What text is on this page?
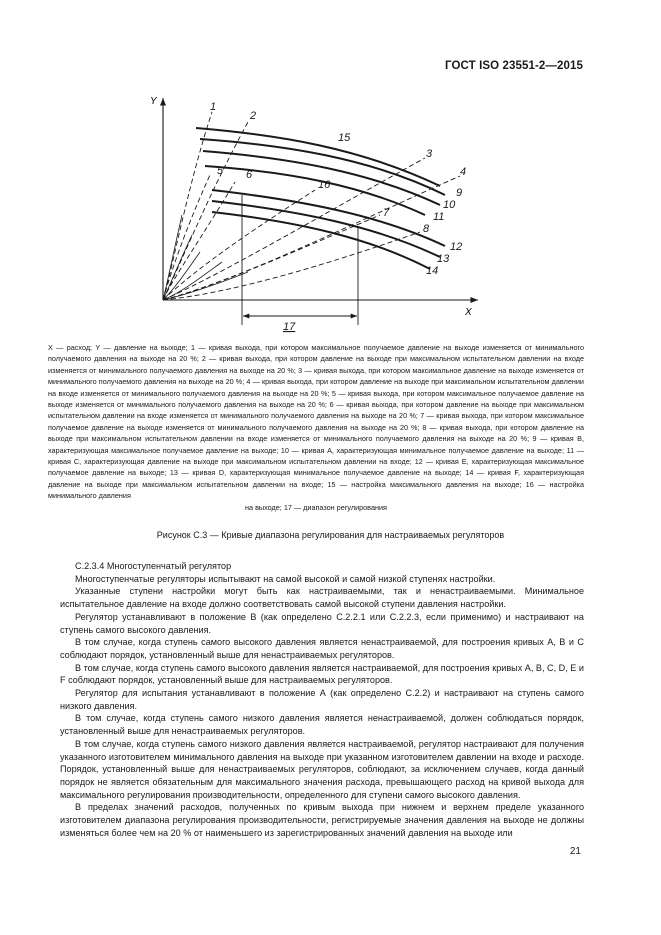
ГОСТ ISO 23551-2—2015
Y
X
1
2
15
3
4
9
10
11
5 6
16
7
8
12
13
14
17
X — расход; Y — давление на выходе; 1 — кривая выхода, при котором максимальное получаемое давление на выходе изменяется от минимального получаемого давления на выходе на 20 %; 2 — кривая выхода, при котором давление на выходе при максимальном испытательном давлении на входе изменяется от минимального получаемого давления на выходе на 20 %; 3 — кривая выхода, при котором максимальное давление на выходе изменяется от минимального получаемого давления на выходе на 20 %; 4 — кривая выхода, при котором давление на выходе при максимальном испытательном давлении на входе изменяется от минимального получаемого давления на выходе на 20 %; 5 — кривая выхода, при котором максимальное получаемое давление на выходе изменяется от минимального получаемого давления на выходе на 20 %; 6 — кривая выхода, при котором давление на выходе при максимальном испытательном давлении на входе изменяется от минимального получаемого давления на выходе на 20 %; 7 — кривая выхода, при котором максимальное получаемое давление на выходе изменяется от минимального получаемого давления на выходе на 20 %; 8 — кривая выхода, при котором давление на выходе при максимальном испытательном давлении на входе изменяется от минимального получаемого давления на выходе на 20 %; 9 — кривая B, характеризующая максимальное получаемое давление на выходе; 10 — кривая A, характеризующая минимальное получаемое давление на выходе; 11 — кривая C, характеризующая давление на выходе при максимальном испытательном давлении на входе; 12 — кривая E, характеризующая максимальное получаемое давление на выходе; 13 — кривая D, характеризующая минимальное получаемое давление на выходе; 14 — кривая F, характеризующая давление на выходе при максимальном испытательном давлении на входе; 15 — настройка максимального давления на выходе; 16 — настройка минимального давления
на выходе; 17 — диапазон регулирования
Рисунок С.3 — Кривые диапазона регулирования для настраиваемых регуляторов

С.2.3.4 Многоступенчатый регулятор

Многоступенчатые регуляторы испытывают на самой высокой и самой низкой ступенях настройки.

Указанные ступени настройки могут быть как настраиваемыми, так и ненастраиваемыми. Минимальное испытательное давление на входе должно соответствовать самой высокой ступени давления настройки.

Регулятор устанавливают в положение В (как определено С.2.2.1 или С.2.2.3, если применимо) и настраивают на ступень самого высокого давления.

В том случае, когда ступень самого высокого давления является ненастраиваемой, для построения кривых А, В и С соблюдают порядок, установленный выше для ненастраиваемых регуляторов.

В том случае, когда ступень самого высокого давления является настраиваемой, для построения кривых А, В, С, D, Е и F соблюдают порядок, установленный выше для настраиваемых регуляторов.

Регулятор для испытания устанавливают в положение А (как определено С.2.2) и настраивают на ступень самого низкого давления.

В том случае, когда ступень самого низкого давления является ненастраиваемой, должен соблюдаться порядок, установленный выше для ненастраиваемых регуляторов.

В том случае, когда ступень самого низкого давления является настраиваемой, регулятор настраивают для получения указанного изготовителем минимального давления на выходе при указанном изготовителем давлении на входе и расходе. Порядок, установленный выше для ненастраиваемых регуляторов, соблюдают, за исключением случаев, когда данный порядок не является обязательным для максимального значения расхода, превышающего расход на кривой выхода для максимального регулирования производительности, определенного для ступени самого высокого давления.

В пределах значений расходов, полученных по кривым выхода при нижнем и верхнем пределе указанного изготовителем диапазона регулирования производительности, регистрируемые значения давления на выходе не должны изменяться более чем на 20 % от наименьшего из зарегистрированных значений давления на выходе или

21
